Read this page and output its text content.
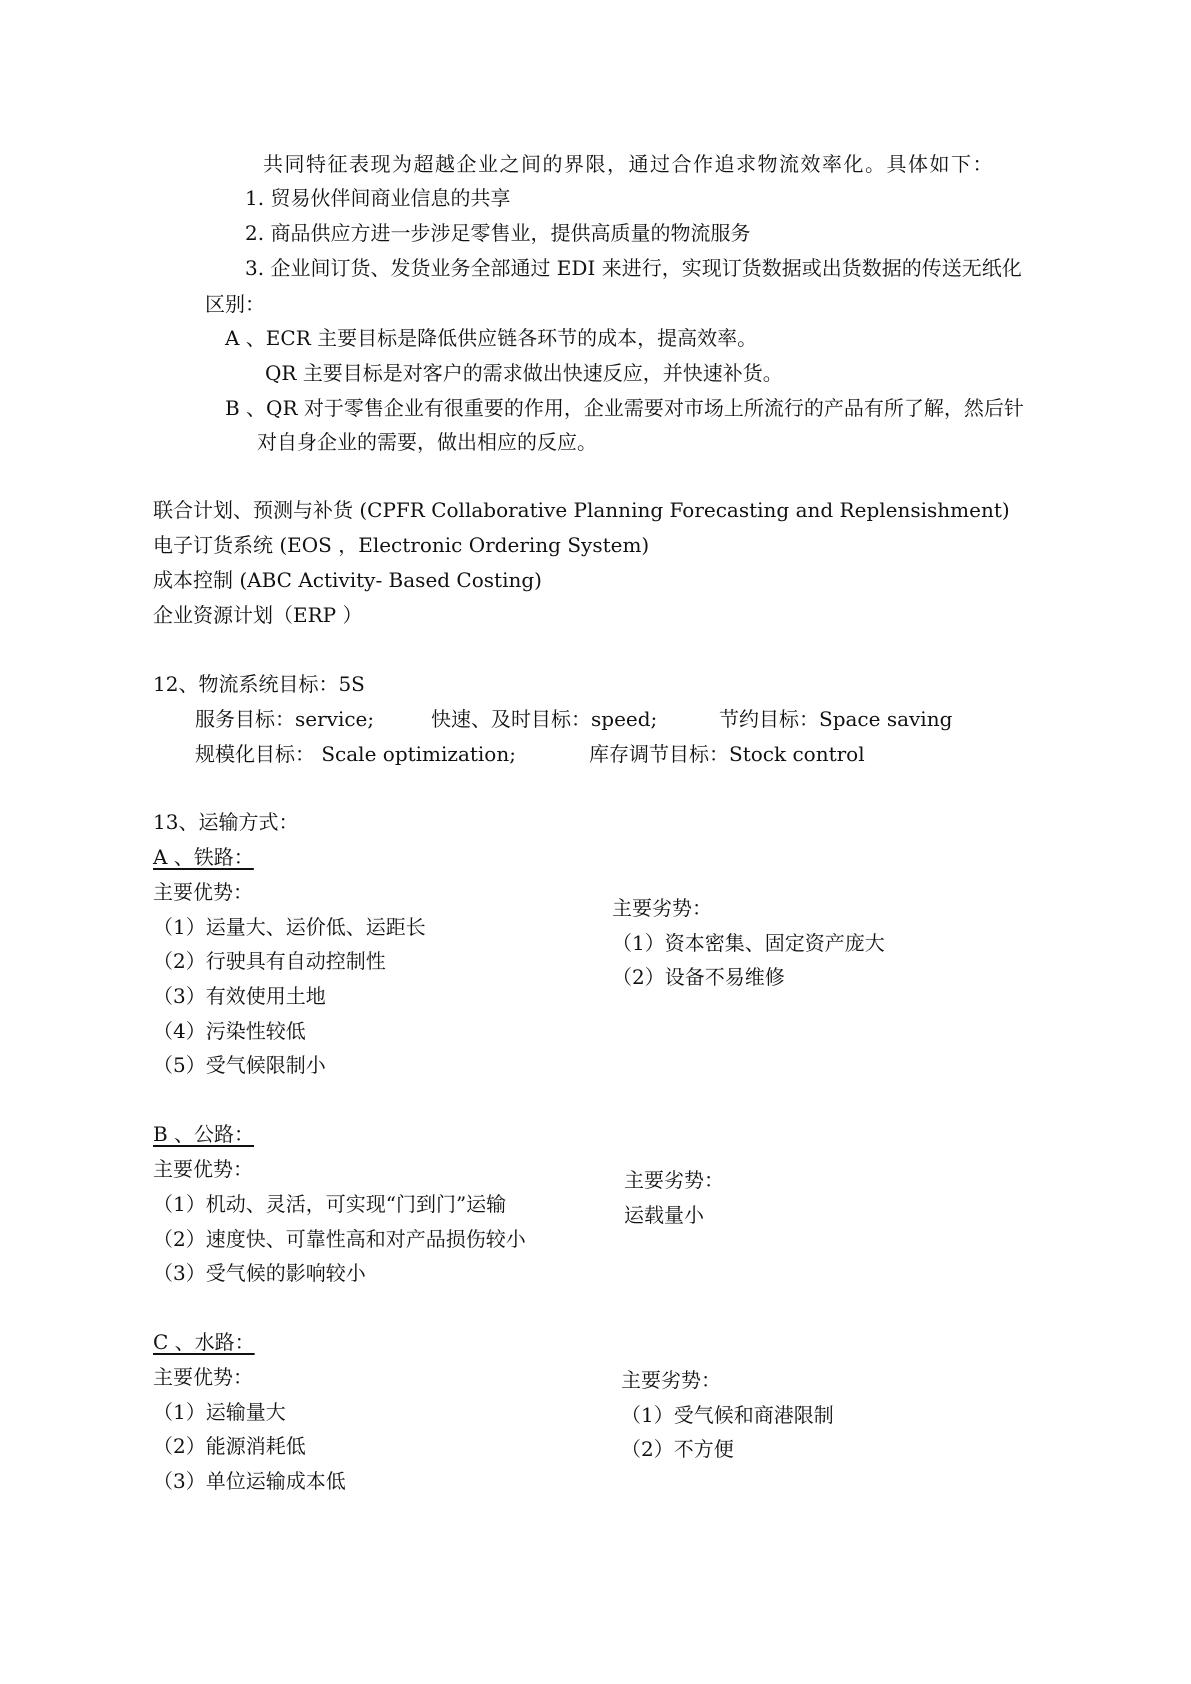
共同特征表现为超越企业之间的界限，通过合作追求物流效率化。具体如下：
1. 贸易伙伴间商业信息的共享
2. 商品供应方进一步涉足零售业，提供高质量的物流服务
3. 企业间订货、发货业务全部通过 EDI 来进行，实现订货数据或出货数据的传送无纸化
区别：
A 、ECR 主要目标是降低供应链各环节的成本，提高效率。
QR 主要目标是对客户的需求做出快速反应，并快速补货。
B 、QR 对于零售企业有很重要的作用，企业需要对市场上所流行的产品有所了解，然后针
对自身企业的需要，做出相应的反应。
联合计划、预测与补货 (CPFR Collaborative Planning Forecasting and Replensishment)
电子订货系统 (EOS ，Electronic Ordering System)
成本控制 (ABC Activity- Based Costing)
企业资源计划（ERP ）
12、物流系统目标：5S
服务目标：service;	快速、及时目标：speed;	节约目标：Space saving
规模化目标： Scale optimization;	库存调节目标：Stock control
13、运输方式：
A 、铁路：
主要优势：
（1）运量大、运价低、运距长
（2）行驶具有自动控制性
（3）有效使用土地
（4）污染性较低
（5）受气候限制小
主要劣势：
（1）资本密集、固定资产庞大
（2）设备不易维修
B 、公路：
主要优势：
（1）机动、灵活，可实现“门到门”运输
（2）速度快、可靠性高和对产品损伤较小
（3）受气候的影响较小
主要劣势：
运载量小
C 、水路：
主要优势：
（1）运输量大
（2）能源消耗低
（3）单位运输成本低
主要劣势：
（1）受气候和商港限制
（2）不方便
